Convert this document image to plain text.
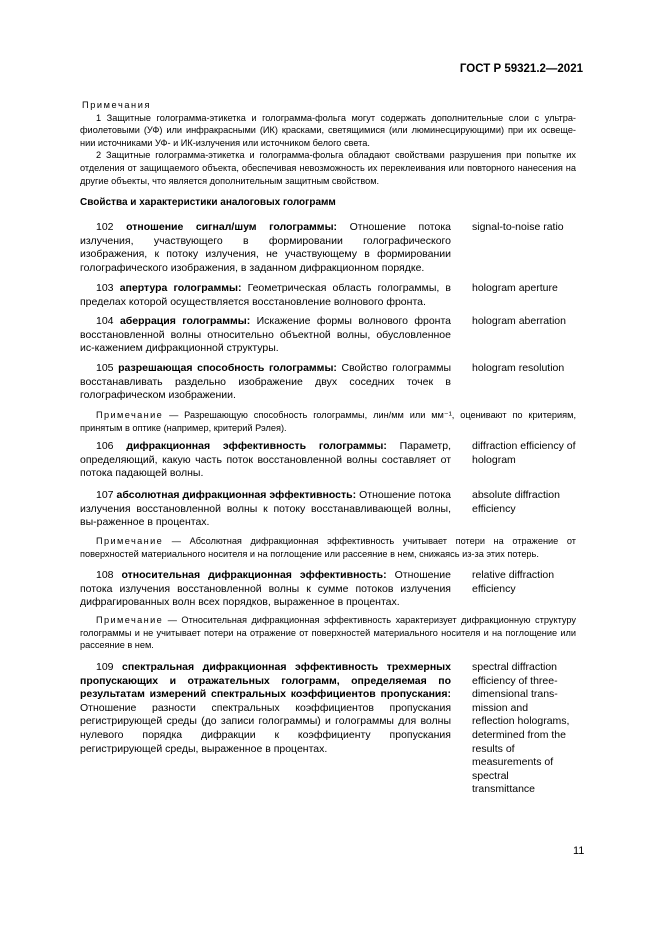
ГОСТ Р 59321.2—2021
Примечания
1 Защитные голограмма-этикетка и голограмма-фольга могут содержать дополнительные слои с ультра-фиолетовыми (УФ) или инфракрасными (ИК) красками, светящимися (или люминесцирующими) при их освеще-нии источниками УФ- и ИК-излучения или источником белого света.
2 Защитные голограмма-этикетка и голограмма-фольга обладают свойствами разрушения при попытке их отделения от защищаемого объекта, обеспечивая невозможность их переклеивания или повторного нанесения на другие объекты, что является дополнительным защитным свойством.
Свойства и характеристики аналоговых голограмм
102 отношение сигнал/шум голограммы: Отношение потока излучения, участвующего в формировании голографического изображения, к потоку излучения, не участвующему в формировании голографического изображения, в заданном дифракционном порядке.
signal-to-noise ratio
103 апертура голограммы: Геометрическая область голограммы, в пределах которой осуществляется восстановление волнового фронта.
hologram aperture
104 аберрация голограммы: Искажение формы волнового фронта восстановленной волны относительно объектной волны, обусловленное ис-кажением дифракционной структуры.
hologram aberration
105 разрешающая способность голограммы: Свойство голограммы восстанавливать раздельно изображение двух соседних точек в голографическом изображении.
hologram resolution
Примечание — Разрешающую способность голограммы, лин/мм или мм⁻¹, оценивают по критериям, принятым в оптике (например, критерий Рэлея).
106 дифракционная эффективность голограммы: Параметр, определяющий, какую часть поток восстановленной волны составляет от потока падающей волны.
diffraction efficiency of hologram
107 абсолютная дифракционная эффективность: Отношение потока излучения восстановленной волны к потоку восстанавливающей волны, вы-раженное в процентах.
absolute diffraction efficiency
Примечание — Абсолютная дифракционная эффективность учитывает потери на отражение от поверхностей материального носителя и на поглощение или рассеяние в нем, снижаясь из-за этих потерь.
108 относительная дифракционная эффективность: Отношение потока излучения восстановленной волны к сумме потоков излучения дифрагированных волн всех порядков, выраженное в процентах.
relative diffraction efficiency
Примечание — Относительная дифракционная эффективность характеризует дифракционную структуру голограммы и не учитывает потери на отражение от поверхностей материального носителя и на поглощение или рассеяние в нем.
109 спектральная дифракционная эффективность трехмерных пропускающих и отражательных голограмм, определяемая по результатам измерений спектральных коэффициентов пропускания: Отношение разности спектральных коэффициентов пропускания регистрирующей среды (до записи голограммы) и голограммы для волны нулевого порядка дифракции к коэффициенту пропускания регистрирующей среды, выраженное в процентах.
spectral diffraction efficiency of three-dimensional trans-mission and reflection holograms, determined from the results of measurements of spectral transmittance
11
